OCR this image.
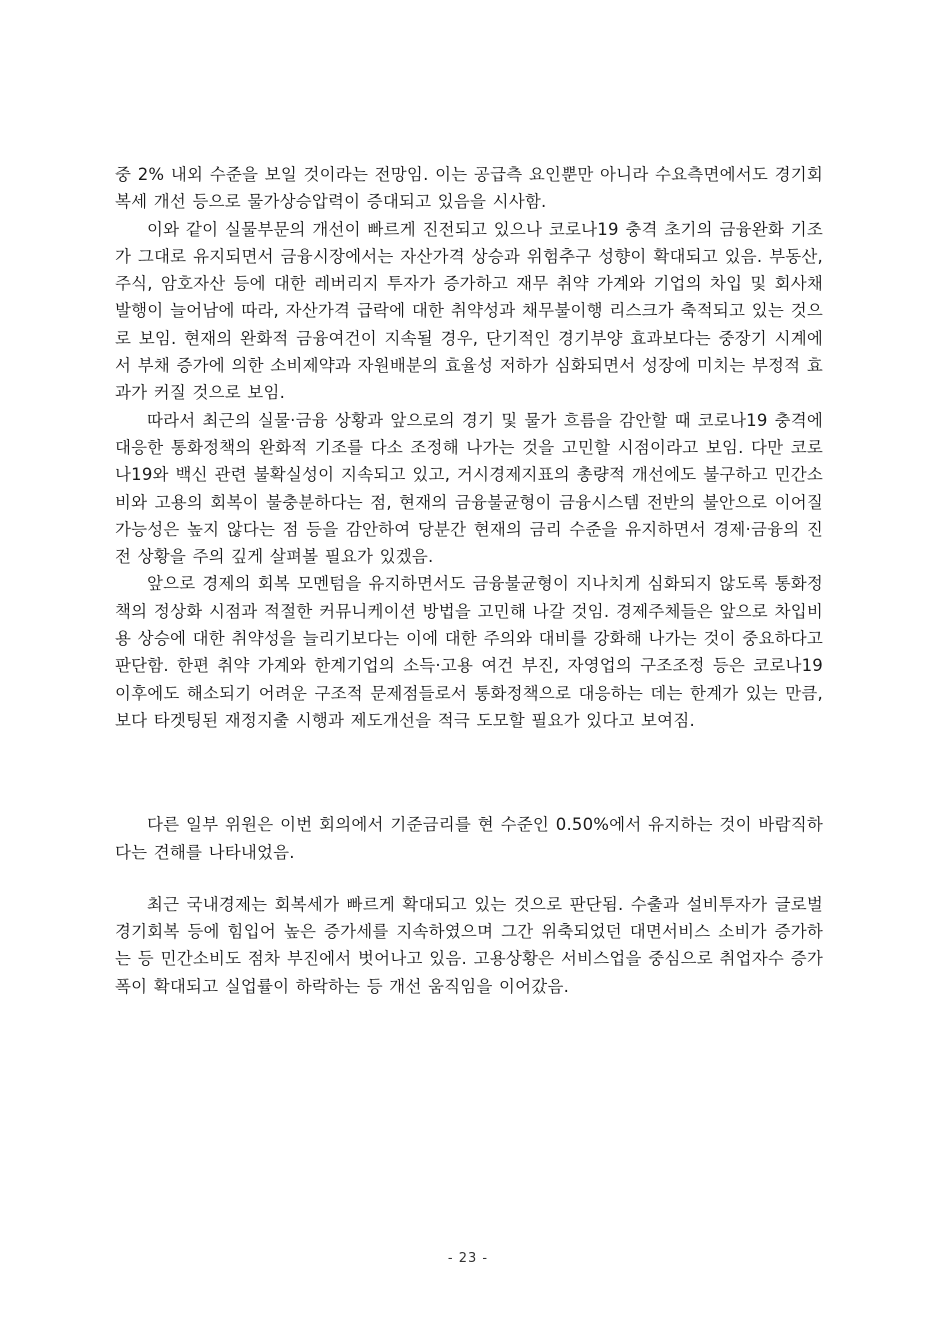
중 2% 내외 수준을 보일 것이라는 전망임. 이는 공급측 요인뿐만 아니라 수요측면에서도 경기회복세 개선 등으로 물가상승압력이 증대되고 있음을 시사함.

이와 같이 실물부문의 개선이 빠르게 진전되고 있으나 코로나19 충격 초기의 금융완화 기조가 그대로 유지되면서 금융시장에서는 자산가격 상승과 위험추구 성향이 확대되고 있음. 부동산, 주식, 암호자산 등에 대한 레버리지 투자가 증가하고 재무 취약 가계와 기업의 차입 및 회사채 발행이 늘어남에 따라, 자산가격 급락에 대한 취약성과 채무불이행 리스크가 축적되고 있는 것으로 보임. 현재의 완화적 금융여건이 지속될 경우, 단기적인 경기부양 효과보다는 중장기 시계에서 부채 증가에 의한 소비제약과 자원배분의 효율성 저하가 심화되면서 성장에 미치는 부정적 효과가 커질 것으로 보임.

따라서 최근의 실물·금융 상황과 앞으로의 경기 및 물가 흐름을 감안할 때 코로나19 충격에 대응한 통화정책의 완화적 기조를 다소 조정해 나가는 것을 고민할 시점이라고 보임. 다만 코로나19와 백신 관련 불확실성이 지속되고 있고, 거시경제지표의 총량적 개선에도 불구하고 민간소비와 고용의 회복이 불충분하다는 점, 현재의 금융불균형이 금융시스템 전반의 불안으로 이어질 가능성은 높지 않다는 점 등을 감안하여 당분간 현재의 금리 수준을 유지하면서 경제·금융의 진전 상황을 주의 깊게 살펴볼 필요가 있겠음.

앞으로 경제의 회복 모멘텀을 유지하면서도 금융불균형이 지나치게 심화되지 않도록 통화정책의 정상화 시점과 적절한 커뮤니케이션 방법을 고민해 나갈 것임. 경제주체들은 앞으로 차입비용 상승에 대한 취약성을 늘리기보다는 이에 대한 주의와 대비를 강화해 나가는 것이 중요하다고 판단함. 한편 취약 가계와 한계기업의 소득·고용 여건 부진, 자영업의 구조조정 등은 코로나19 이후에도 해소되기 어려운 구조적 문제점들로서 통화정책으로 대응하는 데는 한계가 있는 만큼, 보다 타겟팅된 재정지출 시행과 제도개선을 적극 도모할 필요가 있다고 보여짐.

다른 일부 위원은 이번 회의에서 기준금리를 현 수준인 0.50%에서 유지하는 것이 바람직하다는 견해를 나타내었음.

최근 국내경제는 회복세가 빠르게 확대되고 있는 것으로 판단됨. 수출과 설비투자가 글로벌 경기회복 등에 힘입어 높은 증가세를 지속하였으며 그간 위축되었던 대면서비스 소비가 증가하는 등 민간소비도 점차 부진에서 벗어나고 있음. 고용상황은 서비스업을 중심으로 취업자수 증가폭이 확대되고 실업률이 하락하는 등 개선 움직임을 이어갔음.

- 23 -
